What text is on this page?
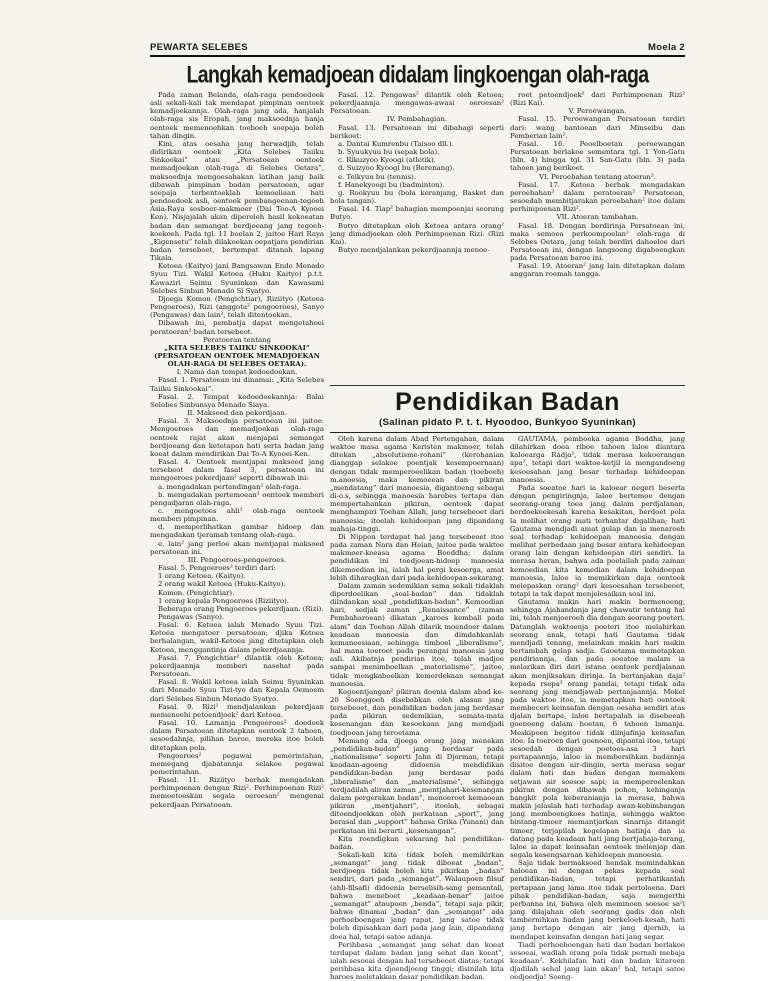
PEWARTA SELEBES	Moela 2
Langkah kemadjoean didalam lingkoengan olah-raga

Pada zaman Belanda, olah-raga pendoedoek asli sekali-kali tak mendapat pimpinan oentoek kemadjoekannja. Olah-raga jang ada, hanjalah olah-raga sis Eropah, jang maksoednja hanja oentoek memenoehkan toeboeh soepaja boleh tahan dingin.

Kini, atas oesaha jang berwadjib, telah didirikan oentoek „Kita Selebes Taiiku Sinkookai” atau „Persatoean oentoek memadjoekan olah-raga di Selebes Oetara”, maksoednja mengoesahakan latihan jang baik dibawah pimpinan badan persatoean, agar soepaja terbentoeklah kemoeliaan hati pendoedoek asli, oentoek pembangoenan-tegoeh Asia-Raya sosboer-makmoer (Dai Too-A Kyooei Ken). Nisjajalah akan diperoleh hasil kekoeatan badan dan semangat berdjoeang jang tegoeh-koekoeh. Pada tgl. 11 boelan 2, jaitoe Hari Raya „Kigensetu” telah dilakoekan oepatjara pendirian badan terseboet, bertempat ditanah lapang Tikala.

Ketoea (Kaityo) jani Bangsawan Endo Menado Syuu Tizi. Wakil Ketoea (Huku Kaityo) p.t.t. Kawaziri Seimu Syuninkan dan Kawasami Selebes Sinbun Menado Si Syatyo.

Djoega Komon (Pengichtiar), Riziityo (Ketoea Pengoeroes), Rizi (anggota² pengoeroes), Sanyo (Pengawas) dan lain², telah ditentoekan.

Dibawah ini, pembatja dapat mengetahoei peratoeran² badan tersebeot.

Peratoeran tentang

„KITA SELEBES TAIIKU SINKOOKAI” (PERSATOEAN OENTOEK MEMADJOEKAN OLAH-RAGA DI SELEBES OETARA).

I. Nama dan tempat kedoedoekan.

Fasal. 1. Persatoean ini dinamai: „Kita Selebes Taiiku Sinkookai”.

Fasal. 2. Tempat kedoedoekannja: Balai Selebes Sinbunsya Menado Siaya.

II. Maksoed dan pekerdjaan.

Fasal. 3. Maksoednja persatoean ini jaitoe: Mengoeroes dan memadjoekan olah-raga oentoek rajat akan menjapai semangat berdjoeang dan ketetapan hati serta badan jang koeat dalam mendirikan Dai To-A Kyooei-Ken.

Fasal. 4. Oentoek mentjapai maksoed jang tersebeot dalam fasal 3, persatoean ini mengoeroes pekerdjaan² seperti dibawah ini:

a. mengadakan pertandingan² olah-raga.

b. mengadakan pertemoean² oentoek memberi pengadjaran olah-raga.

c. mengoetoes ahli² olah-raga oentoek memberi pimpinan.

d. memperlihatkan gambar hidoep dan mengadakan tjeramah tentang olah-raga.

e. lain² jang perloe akan mentjapai maksoed persatoean ini.

III. Pengoeroes-pengoeroes.

Fasal. 5. Pengoeroes² terdiri dari:

1 orang Ketoea. (Kaityo).

2 orang wakil Ketoea (Huku-Kaityo).

Komon. (Pengichtiar).

1 orang kepala Pengoeroes (Riziityo).

Beberapa orang Pengoeroes pekerdjaan. (Rizi).

Pengawas (Sanyo).

Fasal. 6. Ketoea ialah Menado Syuu Tizi. Ketoea mengatoer persatoean; djika Ketoea berhalangan, wakil-Ketoea jang ditetapkan oleh Ketoea, menggantinja dalam pekerdjaannja.

Fasal. 7. Pengichtiar² dilantik oleh Ketoea; pekerdjaannja memberi nasehat pada Persatoean.

Fasal. 8. Wakil ketoea ialah Seimu Syuninkan dari Menado Syuu Tizi-tyo dan Kepala Oemoem dari Selebes Sinbun Menado Syatyo.

Fasal. 9. Rizi² mendjalankan pekerdjaan memenoehi petoendjoek² dari Ketoea.

Fasal. 10. Lamanja Pengoeroes² doedoek dalam Persatoean ditetapkan oentoek 2 tahoen, sesoedahnja, pilihan baroe, mereka itoe boleh ditetapkan pola.

Pengoeroes² pegawai pemerintahan, memegang djabatannja selakoe pegawai pemerintahan.

Fasal. 11. Riziityo berhak mengadakan perhimpoenan dengan Rizi². Perhimpoenan Rizi² memoetoeskan segala oeroesan² mengenai pekerdjaan Persatoean.

Fasal. 12. Pengawas² dilantik oleh Ketoea; pekerdjaannja mengawas-awasi oeroesan² Persatoean.

IV. Pembahagian.

Fasal. 13. Persatoean ini dibahagi seperti berikoet:

a. Dantai Kumrenbu (Taisoo dll.).

b. Syuukyuu bu (sepak bola).

c. Rikuzyoo Kyoogi (atletik).

d. Suizyoo Kyoogi bu (Berenang).

e. Teikyuu bu (tennis).

f. Hanekyoogi bu (badminton).

g. Rookyuu bu (bola keranjang, Basket dan bola tangan).

Fasal. 14. Tiap² bahagian mempoenjai seorang Butyo.

Butyo ditetapkan oleh Ketoea antara orang² jang dimadjoekan oleh Perhimpoenan Rizi. (Rizi Kai).

Butyo mendjalankan pekerdjaannja menoe-

roet petoendjoek² dari Perhimpoenan Rizi² (Rizi Kai).

V. Peroewangan.

Fasal. 15. Peroewangan Persatoean terdiri dari: wang bantoean dari Minseibu dan Pemberian lain².

Fasal. 16. Peoelboetan peroewangan Persatoean berlakoe sementara tgl. 1 Yon-Gatu (bln. 4) hingga tgl. 31 San-Gatu (bln. 3) pada tahoen jang berikoet.

VI. Peroebahan tentang atoeran².

Fasal. 17. Ketoea berhak mengadakan peroebahan² dalam peratoeran² Persatoean, sesoedah membitjarakan peroebahan² itoe dalam perhimpoenan Rizi².

VII. Atoeran tambahan.

Fasal. 18. Dengan berdirinja Persatoean ini, maka semoea perkoempoelan² olah-raga di Selebes Oetara, jang telah berdiri dahoeloe dari Persatoean ini, dengan langsoeng digaboengkan pada Persatoean baroe ini.

Fasal. 19. Atoeran² jang lain ditetapkan dalam anggaran roemah tangga.

Pendidikan Badan
(Salinan pidato P. t. t. Hyoodoo, Bunkyoo Syuninkan)

Oleh karena dalam Abad Pertengahan, dalam waktoe masa agama Keristen makmoer, telah ditekan „absolutisme-rohani” (kerohanian dianggap selakoe poentjak kesempoernaan) dengan tidak memperoeelikan badan (toeboeh) m.anoesia, maka kemoeean dan pikiran „mendatang” dari manoesia, digantoeng sebagai di-o.s, sehingga manoesia harobes tertapa dan mempertahankan pikiran, oentoek dapat menghampiri Toehan Allah, jang tersebeoet dari manoesia; itoelah kehidoepan jang dipandang mahaja-tinggi.

Di Nippon terdapat hal jang tersebeoet itoe pada zaman Nara dan Heian, jaitoe pada waktoe makmoer-koeasa agama Boeddha; dalam pendidikan ini toedjoean-hidoep manoesia dikemoedian ini, ialah hal pergi kesoerga, amat lebih diharagkan dari pada kehidoepan-sekarang.

Dalam zaman sedemikian sama sekali tidaklah diperdoelikan „soal-badan” dan tidaklah diindankan soal „pendidikan-badan”. Kemoedian hari, sedjak zaman „Renaissance” (zaman Pembaharoean) dikatan „karoes kembali pada alam” dan Toehan Allah dilarik moendoer dalam keadaan manoesia dan dimdahkanlah kemanoesiaan, sehingga timboel „liberalisme”, hal mana toeroet pada perangai manoesia jang asli. Akibatnja pendirian itoe, telah madjoe sampai menimboelkan „materialisme”, jaitoe, tidak mengkaboelkan kemerdekaan semangat manoesia.

Kegoentjangan² pikiran doenia dalam abad ke-20 Soenggoeh disebabkan oleh alasan jang tersebeoet, dan pendidikan badan jang berdasar pada pikiran sedemikian, semata-mata kesenangan dan kesoekaan jang mendjadi toedjoean jang teroetama.

Memang ada djoega orang jang menekan „pendidikan-badan” jang berdasar pada „nationalisme” seperti Jahn di Djerman, tetapi keadaan-agoeng didoenia mendidikan pendidikan-badan jang berdasar pada „liberalisme” dan „materialisme”, sehingga terdjadilah aliran zaman „mentjahari-kesenangan dalam pergerakan badan”, menoeroet kemaoean pikiran „mentjahari”, itoelah, sebagai ditoendjoekkan oleh perkataan „sport”, jang berasal dan „support” bahasa Grika (Yunani) dan perkataan ini berarti „kesenangan”.

Kita roendigkan sekarang hal pendidikan-badan.

Sekali-kali kita tidak boleh memikirkan „semangat” jang tidak diboeat „badan”, berdjoega tidak boleh kita pikirkan „badan” sendiri, dari pada „semangat”. Walaupoen filsuf (ahli-filsafi) didoenia berselisih-sang pemantali, bahwa meneboet „keadaan-benar” jaitoe „semangat” ataupoen „benda”, tetapi saja pikir, bahwa dinamai „badan” dan „semangat” ada perhoeboengan jang rapat, jang satoe tidak boleh dipisahkan dari pada jang lain, dipandang doea hal, tetapi satoe adanja.

Perihbasa „semangat jang sehat dan koeat terdapat dalam badan jang sehat dan koeat”, ialah sesoeai dengan hal tersebeoet diatas; tetapi perihbasa kita djoendjoeng tinggi; disinilah kita haroes meletakkan dasar pendidikan badan.

GAUTAMA, pemboeka agama Boddha, jang dilahirkan doea riboe tahoen laloe diantara kaloearga Radja², tidak merasa kekoerangan apa², tetapi dari waktoe-ketjil ia mengandoeng kesoesahan jang besar terhadap kehidoepan manoesia.

Pada soeatoe hari ia kaloear negeri beserta dengan pengiringnja, laloe bertemoe dengan seorang-orang toea jang dalam perdjalanan, berdoekoekesah karena kesakitan, berdoet pola la melihat orang mati terhantar digalihan; hati Gautama mendjadi amat gelap dan ia menaroeh soal terhadap kehidoepan manoesia dengan melihat perbedaan jang besar antara kehidoepan orang lain dengan kehidoepan diri sendiri. Ia merasa heran, bahwa ada poelailah pada zaman kemoedian kita kemedian dalam kehidoepan manoesia, laloe ia memikirkan daja oentoek melepaskan orang² dari kesoesahan tersebeoet, tetapi ia tak dapat menjelesaikan soal ini.

Gautama makin hari makin bermenoeng, sehingga Ajahandanja jang chawatir tentang hal ini, telah menjoeroeh dia dengan seorang poeteri. Datanglah waktoenja poeteri itoe melahirkan seorang anak, tetapi hati Gautama tidak mendjadi tenang, melainkan makin hari makin bertambah gelap sadja. Gaoetama memetapkan pendiriannja, dan pada soeatoe malam ia melarikan diri dari istana oentoek perdjalanan akan menjiksakan dirinja. Ia bertanjakan daja² kepada rsepa² orang pandai, tetapi tidak ada seorang jang mendjawab pertanjaannja. Mokel pada waktoe itoe, ia memetapkan hati oentoek membeceri keinsafan dengan oesaha sendiri atas djalan bertapa, laloe bertapalah ia disebeeah goenoeng dalam hoetan, 6 tahoen lamanja. Meskipoen begitoe tidak diinjafinja keinsafan itoe. Ia toeroen dari goenoen, dipantai itoe, tetapi sesoedah dengan poetoes-asa 3 hari pertapaannja, laloe ia membersihkan badannja disitoe dengan air-dingin, serta merasa segar dalam hati dan badan dengan memakem setjawan air soesoe sapi; ia memperoelenkan pikiran dengan dibawah pohon, kehinganja bangkit pola keberanianja ia merasa, bahwa makin jelaslah hati terhadap awan-kebimbangan jang memboengkoes hatinja, sehingga waktoe bintang-timoer memantjarkan sinarnja ditangit timoer, terjapilah kegelapan hatinja dan ia datang pada keadaan hati jang bertjahaja-terang, laloe ia dapat keinsafan oentoek melenjap dan segala kesengsaraan kehidoepan manoesia.

Saja tidak bermaksoed hendak memindahkan haloean ini dengan pekas kepada soal pendidikan-badan, tetapi perhatikanlah pertapaan jang lama itoe tidak pertoloena. Dari pihak pendidikan-badan, saja mengerthi perbanna ini, bahwa oleh meminoen soesoe sa²i jang dilajahan oleh seorang gadis dan oleh tambernihkan badan jang berkeloeh-kesah, hati jang bertapa dengan air jang djernih, ia mendapat keinsafan dengan hati jang segar.

Tiadi perhoeboengan hati dan badan berlakoe sesoeai, wadlah orang pola tidak pernah mebaja keadaan². Kekhilafan hati dan badan kitaroen djadilah sehal jang lain akan² hal, tetapi satoe oedjoedja! Soeng-
